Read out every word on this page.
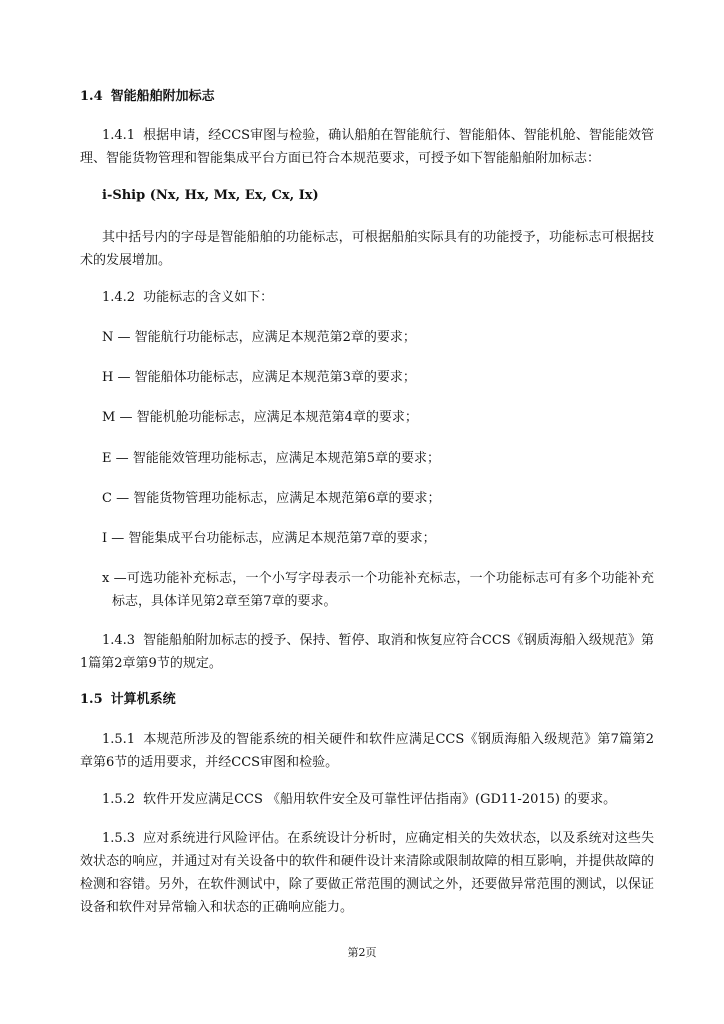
1.4 智能船舶附加标志

1.4.1 根据申请，经CCS审图与检验，确认船舶在智能航行、智能船体、智能机舱、智能能效管理、智能货物管理和智能集成平台方面已符合本规范要求，可授予如下智能船舶附加标志：

i-Ship (Nx, Hx, Mx, Ex, Cx, Ix)

其中括号内的字母是智能船舶的功能标志，可根据船舶实际具有的功能授予，功能标志可根据技术的发展增加。

1.4.2 功能标志的含义如下：

N — 智能航行功能标志，应满足本规范第2章的要求；

H — 智能船体功能标志，应满足本规范第3章的要求；

M — 智能机舱功能标志，应满足本规范第4章的要求；

E — 智能能效管理功能标志，应满足本规范第5章的要求；

C — 智能货物管理功能标志，应满足本规范第6章的要求；

I — 智能集成平台功能标志，应满足本规范第7章的要求；

x —可选功能补充标志，一个小写字母表示一个功能补充标志，一个功能标志可有多个功能补充标志，具体详见第2章至第7章的要求。

1.4.3 智能船舶附加标志的授予、保持、暂停、取消和恢复应符合CCS《钢质海船入级规范》第1篇第2章第9节的规定。

1.5 计算机系统

1.5.1 本规范所涉及的智能系统的相关硬件和软件应满足CCS《钢质海船入级规范》第7篇第2章第6节的适用要求，并经CCS审图和检验。

1.5.2 软件开发应满足CCS 《船用软件安全及可靠性评估指南》(GD11-2015) 的要求。

1.5.3 应对系统进行风险评估。在系统设计分析时，应确定相关的失效状态，以及系统对这些失效状态的响应，并通过对有关设备中的软件和硬件设计来清除或限制故障的相互影响，并提供故障的检测和容错。另外，在软件测试中，除了要做正常范围的测试之外，还要做异常范围的测试，以保证设备和软件对异常输入和状态的正确响应能力。

第2页
